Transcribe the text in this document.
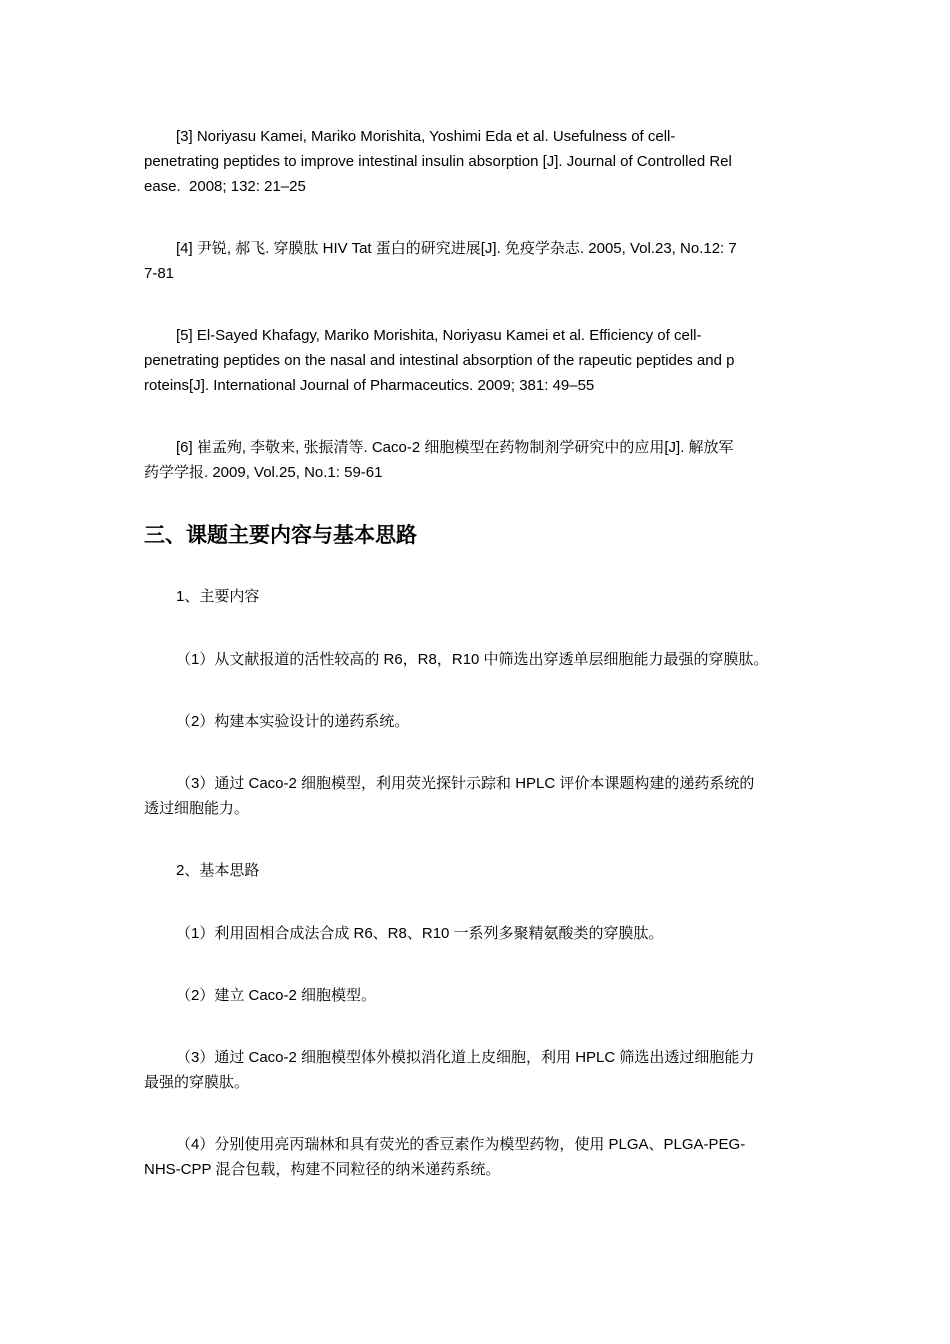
[3] Noriyasu Kamei, Mariko Morishita, Yoshimi Eda et al. Usefulness of cell-
penetrating peptides to improve intestinal insulin absorption [J]. Journal of Controlled Rel
ease.  2008; 132: 21–25
[4] 尹锐, 郝飞. 穿膜肽 HIV Tat 蛋白的研究进展[J]. 免疫学杂志. 2005, Vol.23, No.12: 7
7-81
[5] El-Sayed Khafagy, Mariko Morishita, Noriyasu Kamei et al. Efficiency of cell-
penetrating peptides on the nasal and intestinal absorption of the rapeutic peptides and p
roteins[J]. International Journal of Pharmaceutics. 2009; 381: 49–55
[6] 崔孟殉, 李敬来, 张振清等. Caco-2 细胞模型在药物制剂学研究中的应用[J]. 解放军
药学学报. 2009, Vol.25, No.1: 59-61
三、课题主要内容与基本思路
1、主要内容
（1）从文献报道的活性较高的 R6，R8，R10 中筛选出穿透单层细胞能力最强的穿膜肽。
（2）构建本实验设计的递药系统。
（3）通过 Caco-2 细胞模型，利用荧光探针示踪和 HPLC 评价本课题构建的递药系统的
透过细胞能力。
2、基本思路
（1）利用固相合成法合成 R6、R8、R10 一系列多聚精氨酸类的穿膜肽。
（2）建立 Caco-2 细胞模型。
（3）通过 Caco-2 细胞模型体外模拟消化道上皮细胞，利用 HPLC 筛选出透过细胞能力
最强的穿膜肽。
（4）分别使用亮丙瑞林和具有荧光的香豆素作为模型药物，使用 PLGA、PLGA-PEG-
NHS-CPP 混合包载，构建不同粒径的纳米递药系统。
